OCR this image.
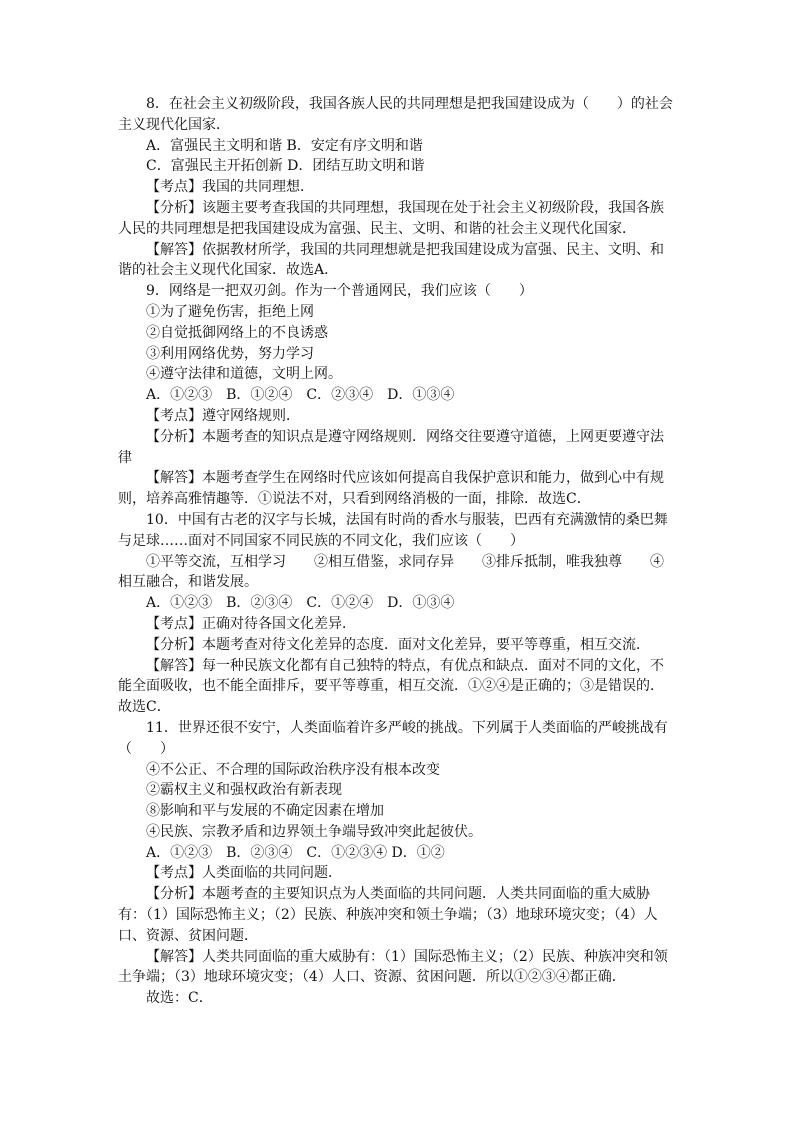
8．在社会主义初级阶段，我国各族人民的共同理想是把我国建设成为（　　）的社会主义现代化国家．
A．富强民主文明和谐 B．安定有序文明和谐
C．富强民主开拓创新 D．团结互助文明和谐
【考点】我国的共同理想．
【分析】该题主要考查我国的共同理想，我国现在处于社会主义初级阶段，我国各族人民的共同理想是把我国建设成为富强、民主、文明、和谐的社会主义现代化国家．
【解答】依据教材所学，我国的共同理想就是把我国建设成为富强、民主、文明、和谐的社会主义现代化国家．故选A．
9．网络是一把双刃剑。作为一个普通网民，我们应该（　　）
①为了避免伤害，拒绝上网
②自觉抵御网络上的不良诱惑
③利用网络优势，努力学习
④遵守法律和道德，文明上网。
A．①②③　B．①②④　C．②③④　D．①③④
【考点】遵守网络规则．
【分析】本题考查的知识点是遵守网络规则．网络交往要遵守道德，上网更要遵守法律
【解答】本题考查学生在网络时代应该如何提高自我保护意识和能力，做到心中有规则，培养高雅情趣等．①说法不对，只看到网络消极的一面，排除．故选C．
10．中国有古老的汉字与长城，法国有时尚的香水与服装，巴西有充满激情的桑巴舞与足球……面对不同国家不同民族的不同文化，我们应该（　　）
①平等交流，互相学习　　②相互借鉴，求同存异　　③排斥抵制，唯我独尊　　④相互融合，和谐发展。
A．①②③　B．②③④　C．①②④　D．①③④
【考点】正确对待各国文化差异．
【分析】本题考查对待文化差异的态度．面对文化差异，要平等尊重，相互交流．
【解答】每一种民族文化都有自己独特的特点，有优点和缺点．面对不同的文化，不能全面吸收，也不能全面排斥，要平等尊重，相互交流．①②④是正确的；③是错误的．故选C．
11．世界还很不安宁，人类面临着许多严峻的挑战。下列属于人类面临的严峻挑战有（　　）
④不公正、不合理的国际政治秩序没有根本改变
②霸权主义和强权政治有新表现
⑧影响和平与发展的不确定因素在增加
④民族、宗教矛盾和边界领土争端导致冲突此起彼伏。
A．①②③　B．②③④　C．①②③④ D．①②
【考点】人类面临的共同问题．
【分析】本题考查的主要知识点为人类面临的共同问题．人类共同面临的重大威胁有：（1）国际恐怖主义；（2）民族、种族冲突和领土争端；（3）地球环境灾变；（4）人口、资源、贫困问题．
【解答】人类共同面临的重大威胁有：（1）国际恐怖主义；（2）民族、种族冲突和领土争端；（3）地球环境灾变；（4）人口、资源、贫困问题．所以①②③④都正确．
故选：C．
